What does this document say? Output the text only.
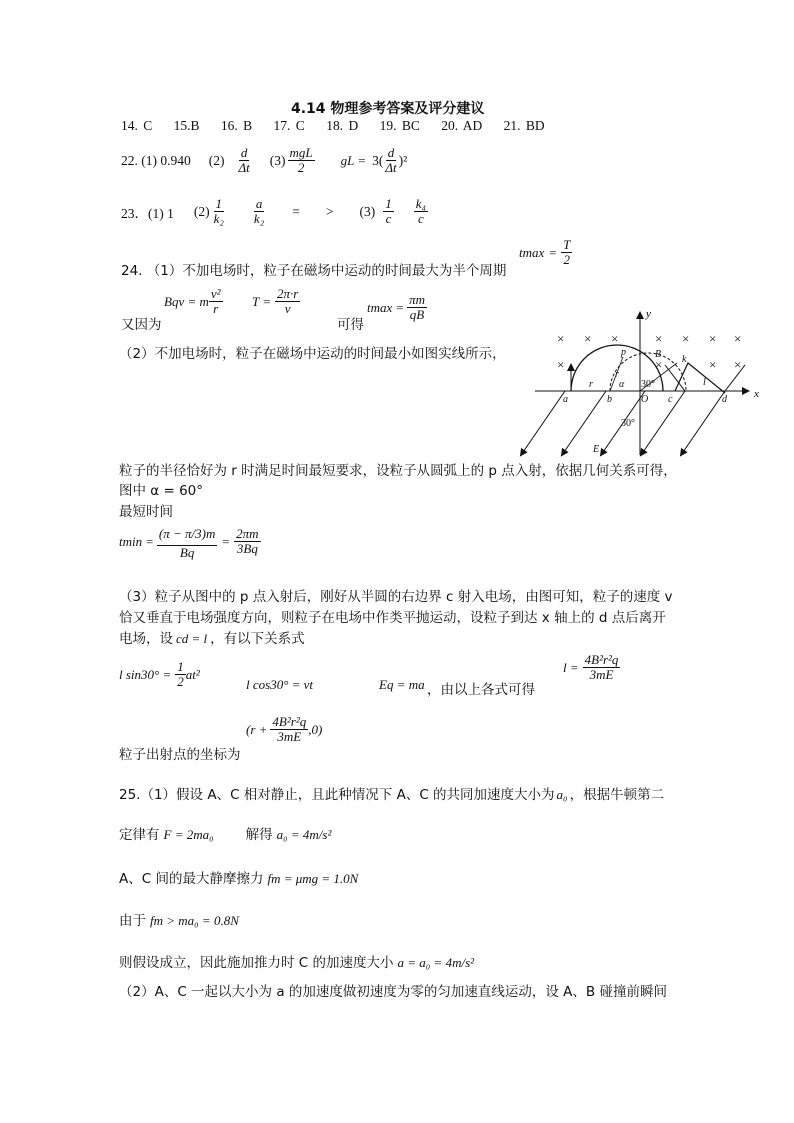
4.14 物理参考答案及评分建议
14. C 15.B 16. B 17. C 18. D 19. BC 20. AD 21. BD
22. (1) 0.940 $(2) \frac{d}{\Delta t} (3) \frac{\text{mgL}}{2}$ gL = $3( \frac{d}{\Delta t} )^2$
23．(1) 1 $(2) \frac{1}{\text{k₂}} \frac{a}{\text{k₂}}$ = > $(3) \frac{1}{c} \frac{\text{k₄}}{c}$
24. （1）不加电场时，粒子在磁场中运动的时间最大为半个周期
t $\max = \frac{T}{2}$
又因为
Bqv = m $\frac{\text{v²}}{r}$ $T = \frac{2\pi\cdot r}{v}$
可得
t $\max = \frac{\pi m}{qB}$
（2）不加电场时，粒子在磁场中运动的时间最小如图实线所示，
× × ×	× × × ×
×	×	× ×
y
x
a	b	O c	d
p	B k
r
r
l
α 30°
30°
E
粒子的半径恰好为 r 时满足时间最短要求，设粒子从圆弧上的 p 点入射，依据几何关系可得，
图中 α = 60°
最短时间
t $\min = \frac{(\pi - \pi/3)m}{Bq} = \frac{2\pi m}{3Bq}$
（3）粒子从图中的 p 点入射后，刚好从半圆的右边界 c 射入电场，由图可知，粒子的速度 v
恰又垂直于电场强度方向，则粒子在电场中作类平抛运动，设粒子到达 x 轴上的 d 点后离开
电场，设 cd = l ，有以下关系式
l $\sin 30^\circ = \frac{1}{2} at^2$
l cos30° = vt	Eq = ma ，由以上各式可得
$l = \frac{\text{4B²r²q}}{3mE}$
粒子出射点的坐标为
$(r + \frac{\text{4B²r²q}}{3mE} ,0)$
25.（1）假设 A、C 相对静止，且此种情况下 A、C 的共同加速度大小为 a₀ ，根据牛顿第二
定律有 F = 2ma₀ 解得 a₀ = 4m/s²
A、C 间的最大静摩擦力 fm = μmg = 1.0N
由于 fm > ma₀ = 0.8N
则假设成立，因此施加推力时 C 的加速度大小 a = a₀ = 4m/s²
（2）A、C 一起以大小为 a 的加速度做初速度为零的匀加速直线运动，设 A、B 碰撞前瞬间
